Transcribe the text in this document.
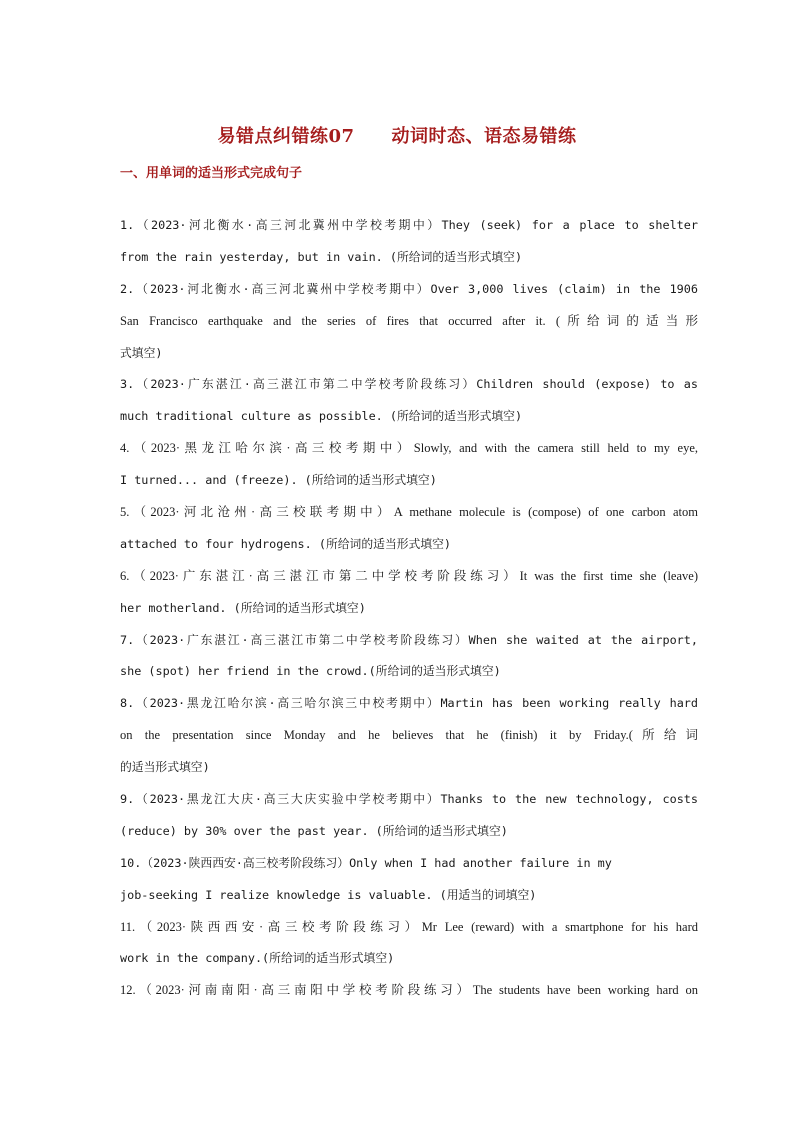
易错点纠错练07　　动词时态、语态易错练
一、用单词的适当形式完成句子
1.（2023·河北衡水·高三河北冀州中学校考期中）They (seek) for a place to shelter
from the rain yesterday, but in vain. (所给词的适当形式填空)
2.（2023·河北衡水·高三河北冀州中学校考期中）Over 3,000 lives (claim) in the 1906
San Francisco earthquake and the series of fires that occurred after it. (所给词的适当形
式填空)
3.（2023·广东湛江·高三湛江市第二中学校考阶段练习）Children should (expose) to as
much traditional culture as possible. (所给词的适当形式填空)
4.（2023·黑龙江哈尔滨·高三校考期中）Slowly, and with the camera still held to my eye,
I turned... and (freeze). (所给词的适当形式填空)
5.（2023·河北沧州·高三校联考期中）A methane molecule is (compose) of one carbon atom
attached to four hydrogens. (所给词的适当形式填空)
6.（2023·广东湛江·高三湛江市第二中学校考阶段练习）It was the first time she (leave)
her motherland. (所给词的适当形式填空)
7.（2023·广东湛江·高三湛江市第二中学校考阶段练习）When she waited at the airport,
she (spot) her friend in the crowd.(所给词的适当形式填空)
8.（2023·黑龙江哈尔滨·高三哈尔滨三中校考期中）Martin has been working really hard
on the presentation since Monday and he believes that he (finish) it by Friday.(所给词
的适当形式填空)
9.（2023·黑龙江大庆·高三大庆实验中学校考期中）Thanks to the new technology, costs
(reduce) by 30% over the past year. (所给词的适当形式填空)
10.（2023·陕西西安·高三校考阶段练习）Only when I had another failure in my
job-seeking I realize knowledge is valuable. (用适当的词填空)
11.（2023·陕西西安·高三校考阶段练习）Mr Lee (reward) with a smartphone for his hard
work in the company.(所给词的适当形式填空)
12.（2023·河南南阳·高三南阳中学校考阶段练习）The students have been working hard on
